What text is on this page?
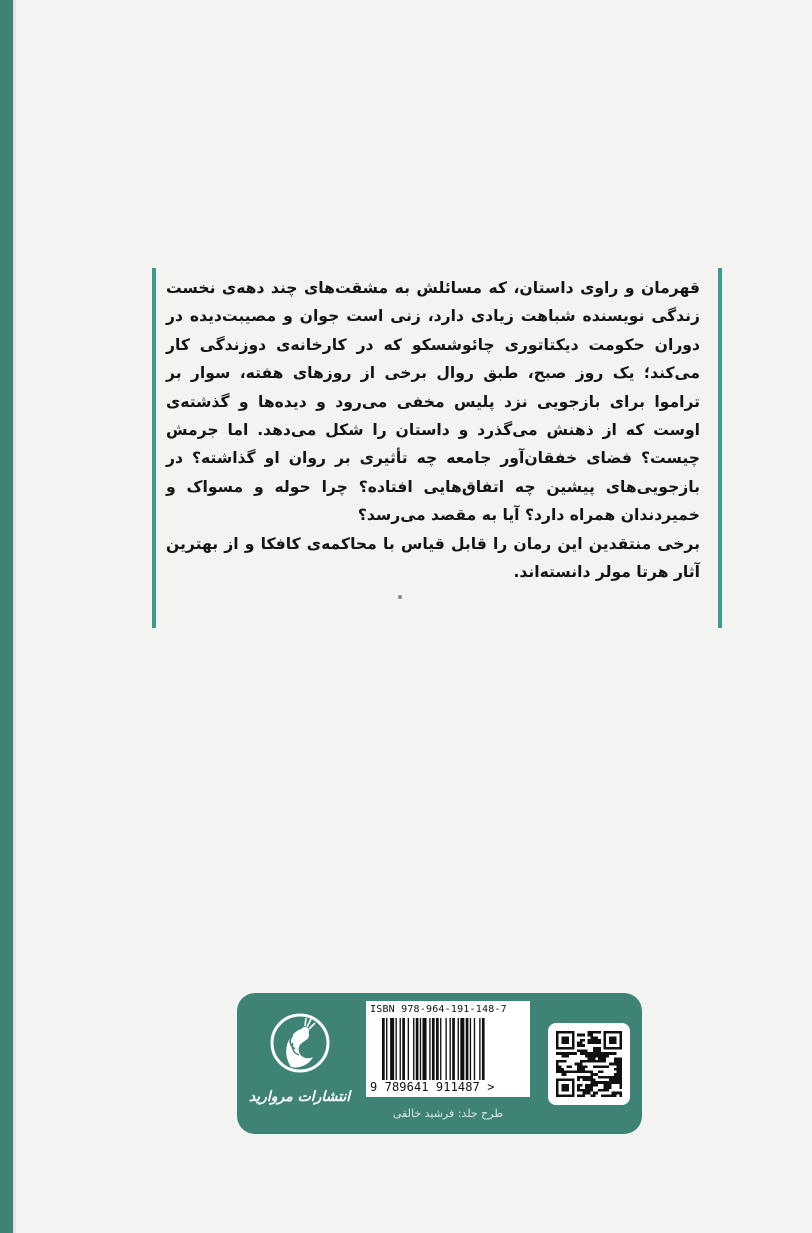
قهرمان و راوی داستان، که مسائلش به مشقت‌های چند دهه‌ی نخست زندگی نویسنده شباهت زیادی دارد، زنی است جوان و مصیبت‌دیده در دوران حکومت دیکتاتوری چائوشسکو که در کارخانه‌ی دوزندگی کار می‌کند؛ یک روز صبح، طبق روال برخی از روزهای هفته، سوار بر تراموا برای بازجویی نزد پلیس مخفی می‌رود و دیده‌ها و گذشته‌ی اوست که از ذهنش می‌گذرد و داستان را شکل می‌دهد. اما جرمش چیست؟ فضای خفقان‌آور جامعه چه تأثیری بر روان او گذاشته؟ در بازجویی‌های پیشین چه اتفاق‌هایی افتاده؟ چرا حوله و مسواک و خمیردندان همراه دارد؟ آیا به مقصد می‌رسد؟

برخی منتقدین این رمان را قابل قیاس با محاکمه‌ی کافکا و از بهترین آثار هرتا مولر دانسته‌اند.

انتشارات مروارید
ISBN 978-964-191-148-7
9 789641 911487 >
طرح جلد: فرشید خالقی
